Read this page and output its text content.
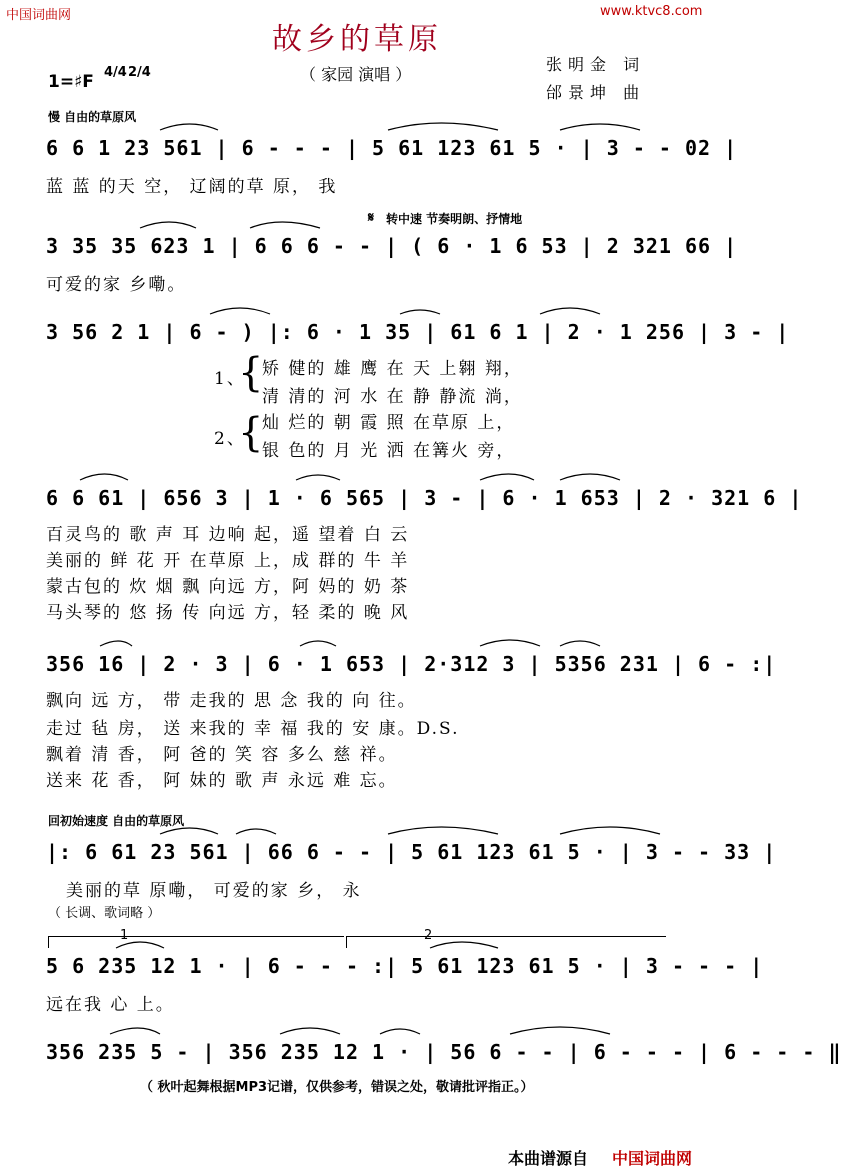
中国词曲网	www.ktvc8.com
故乡的草原
（ 家园 演唱 ）
张明金 词
邰景坤 曲
1=♯F 4/4 2/4
慢 自由的草原风
6 6 1 23 561 | 6 - - - | 5 61 123 61 5 · | 3 - - 02 |
蓝 蓝 的天 空， 辽阔的草 原， 我
𝄋 转中速 节奏明朗、抒情地
3 35 35 623 1 | 6 6 6 - - | ( 6 · 1 6 53 | 2 321 66 |
可爱的家 乡嘞。
3 56 2 1 | 6 - ) |: 6 · 1 35 | 61 6 1 | 2 · 1 256 | 3 - |
1、
2、
{
{
矫 健的 雄 鹰 在 天 上翱 翔，
清 清的 河 水 在 静 静流 淌，
灿 烂的 朝 霞 照 在草原 上，
银 色的 月 光 洒 在篝火 旁，
6 6 61 | 656 3 | 1 · 6 565 | 3 - | 6 · 1 653 | 2 · 321 6 |
百灵鸟的 歌 声 耳 边响 起，遥 望着 白 云
美丽的 鲜 花 开 在草原 上，成 群的 牛 羊
蒙古包的 炊 烟 飘 向远 方，阿 妈的 奶 茶
马头琴的 悠 扬 传 向远 方，轻 柔的 晚 风
356 16 | 2 · 3 | 6 · 1 653 | 2·312 3 | 5356 231 | 6 - :|
飘向 远 方， 带 走我的 思 念 我的 向 往。
走过 毡 房， 送 来我的 幸 福 我的 安 康。D.S.
飘着 清 香， 阿 爸的 笑 容 多么 慈 祥。
送来 花 香， 阿 妹的 歌 声 永远 难 忘。
回初始速度 自由的草原风
|: 6 61 23 561 | 66 6 - - | 5 61 123 61 5 · | 3 - - 33 |
美丽的草 原嘞， 可爱的家 乡， 永
（ 长调、歌词略 ）
1	2
5 6 235 12 1 · | 6 - - - :| 5 61 123 61 5 · | 3 - - - |
远在我 心 上。
356 235 5 - | 356 235 12 1 · | 56 6 - - | 6 - - - | 6 - - - ‖
（ 秋叶起舞根据MP3记谱，仅供参考，错误之处，敬请批评指正。）
本曲谱源自 中国词曲网
